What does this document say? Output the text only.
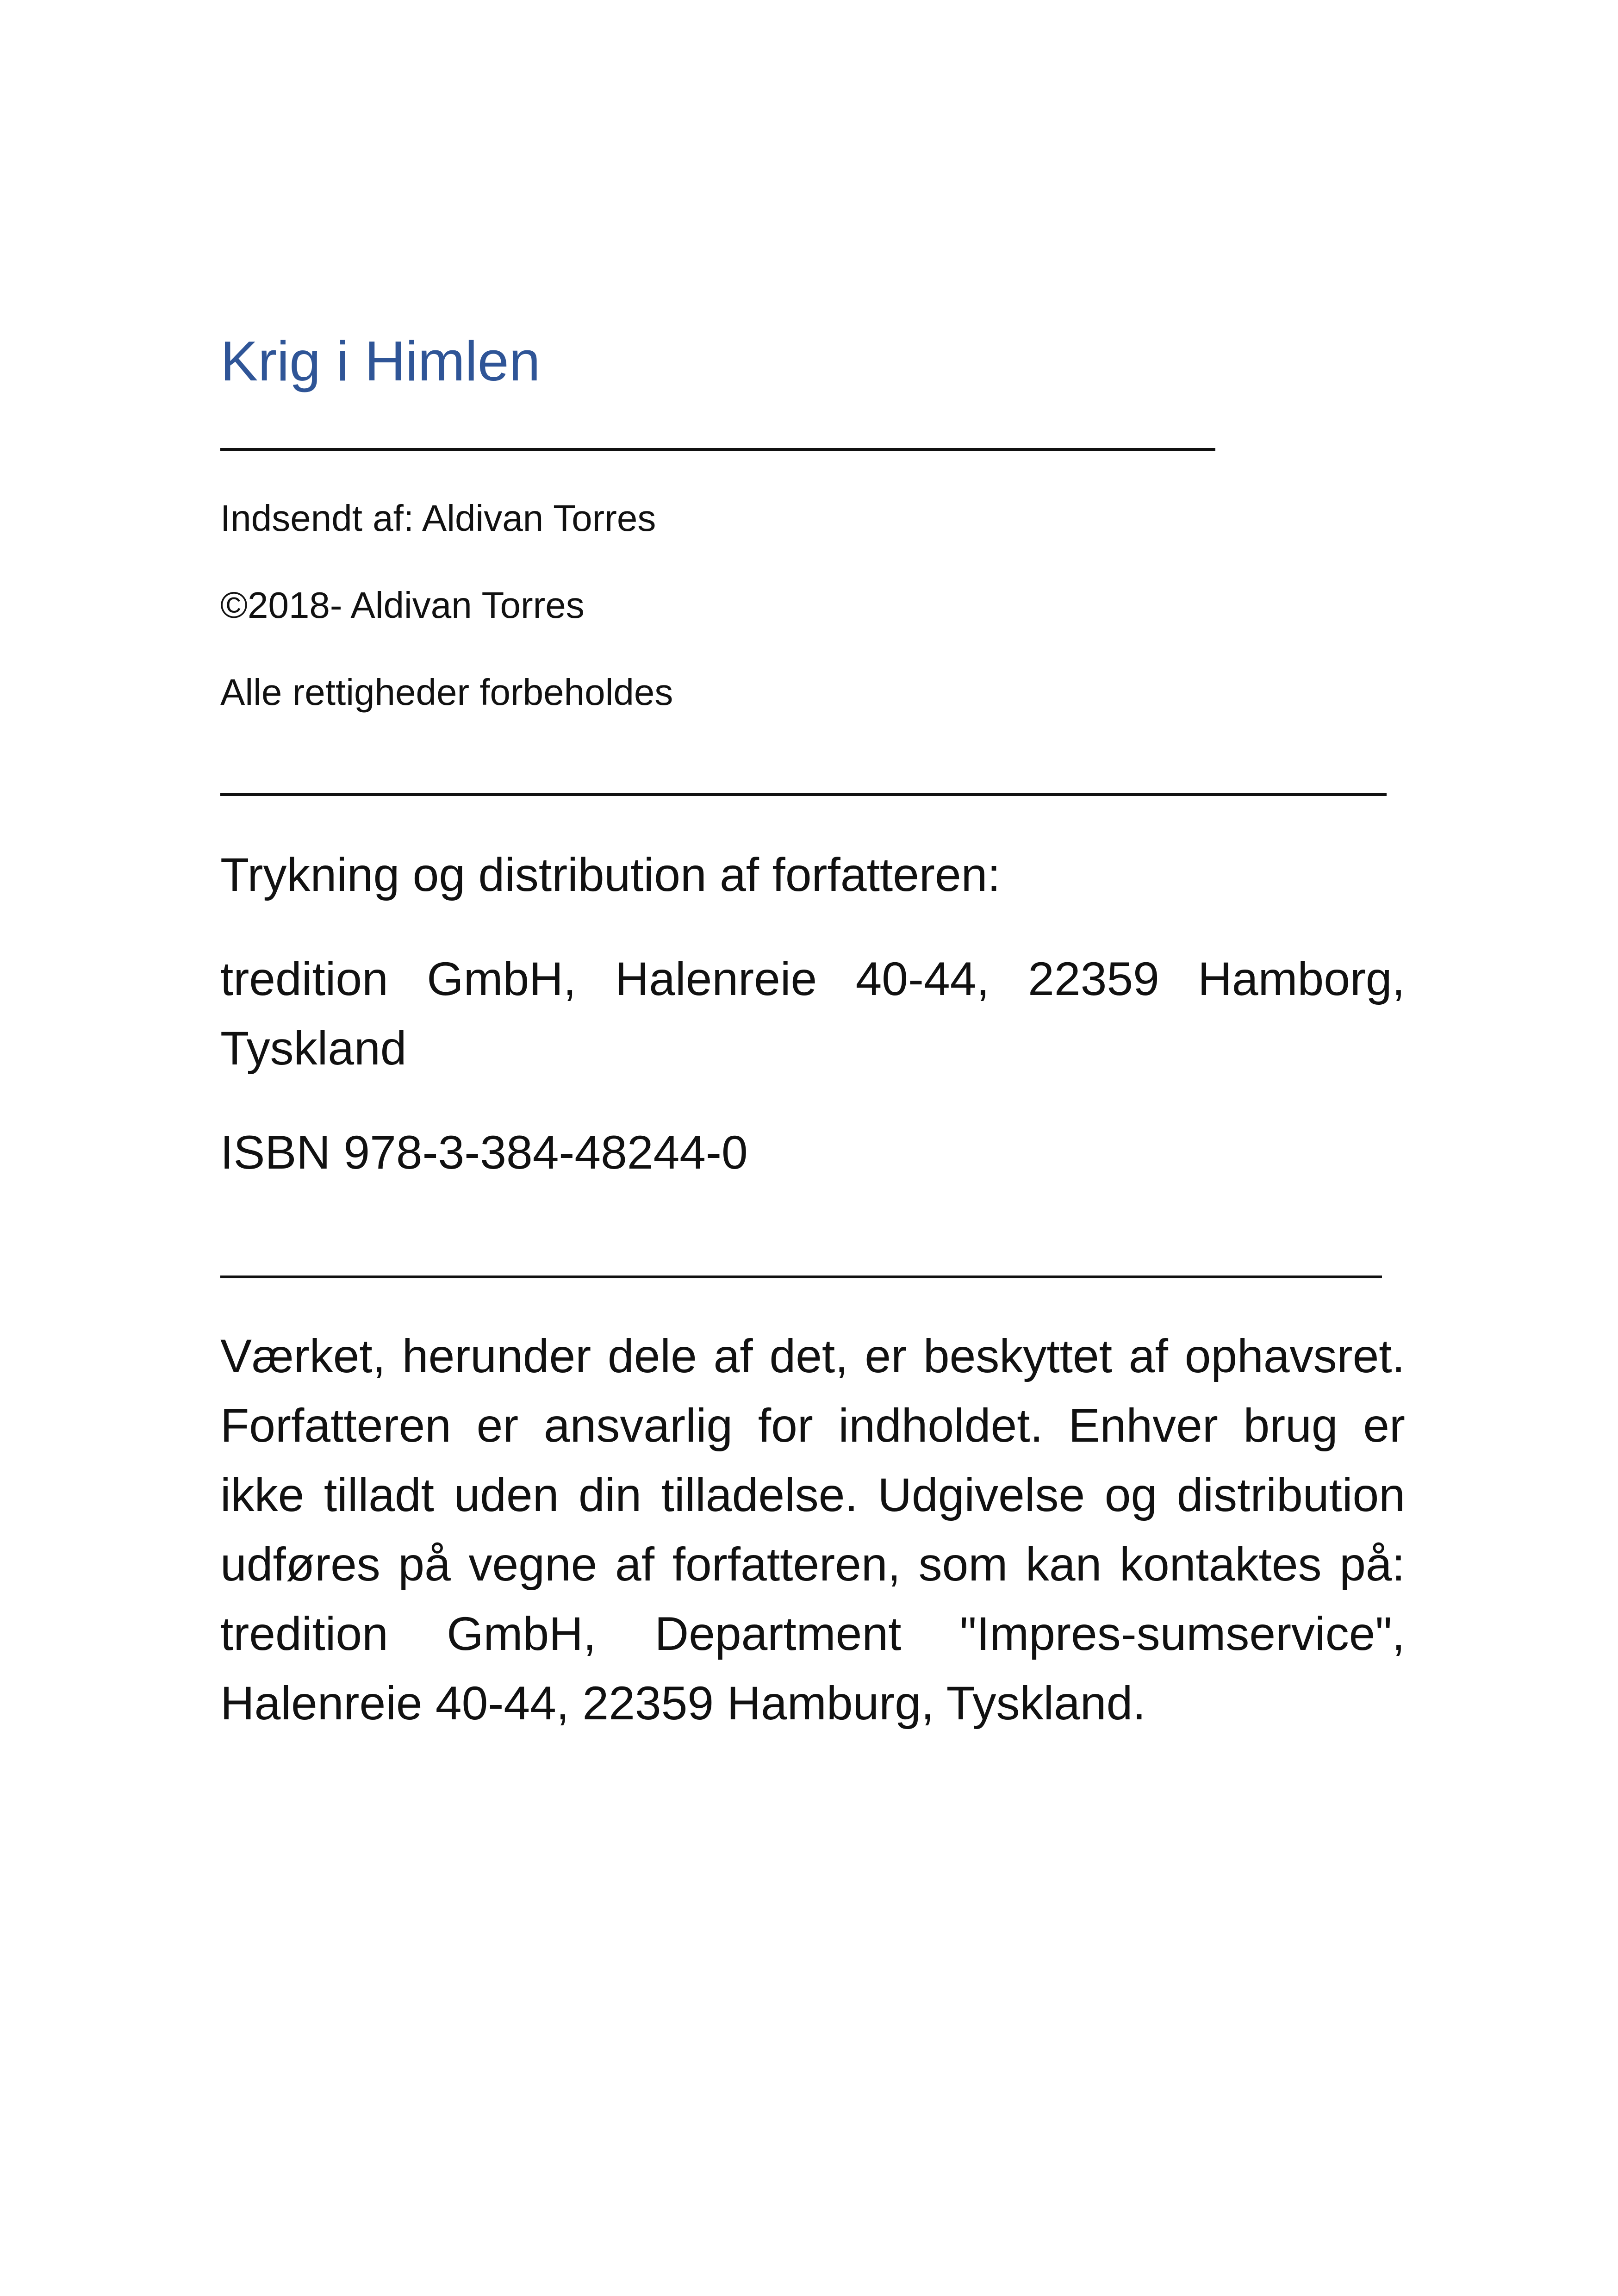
Krig i Himlen

Indsendt af: Aldivan Torres

©2018- Aldivan Torres

Alle rettigheder forbeholdes

Trykning og distribution af forfatteren:

tredition GmbH, Halenreie 40-44, 22359 Hamborg, Tyskland

ISBN 978-3-384-48244-0

Værket, herunder dele af det, er beskyttet af ophavsret. Forfatteren er ansvarlig for indholdet. Enhver brug er ikke tilladt uden din tilladelse. Udgivelse og distribution udføres på vegne af forfatteren, som kan kontaktes på: tredition GmbH, Department "Impres-sumservice", Halenreie 40-44, 22359 Hamburg, Tyskland.
